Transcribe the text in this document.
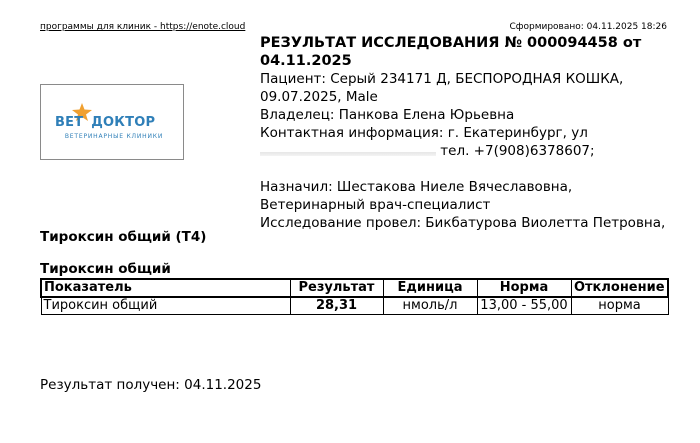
программы для клиник - https://enote.cloud	Сформировано: 04.11.2025 18:26
ВЕТ ДОКТОР
ВЕТЕРИНАРНЫЕ КЛИНИКИ
РЕЗУЛЬТАТ ИССЛЕДОВАНИЯ № 000094458 от
04.11.2025
Пациент: Серый 234171 Д, БЕСПОРОДНАЯ КОШКА,
09.07.2025, Male
Владелец: Панкова Елена Юрьевна
Контактная информация: г. Екатеринбург, ул
тел. +7(908)6378607;
Назначил: Шестакова Ниеле Вячеславовна,
Ветеринарный врач-специалист
Исследование провел: Бикбатурова Виолетта Петровна,
Тироксин общий (T4)
Тироксин общий
Показатель	Результат	Единица	Норма	Отклонение
Тироксин общий	28,31	нмоль/л	13,00 - 55,00	норма
Результат получен: 04.11.2025
